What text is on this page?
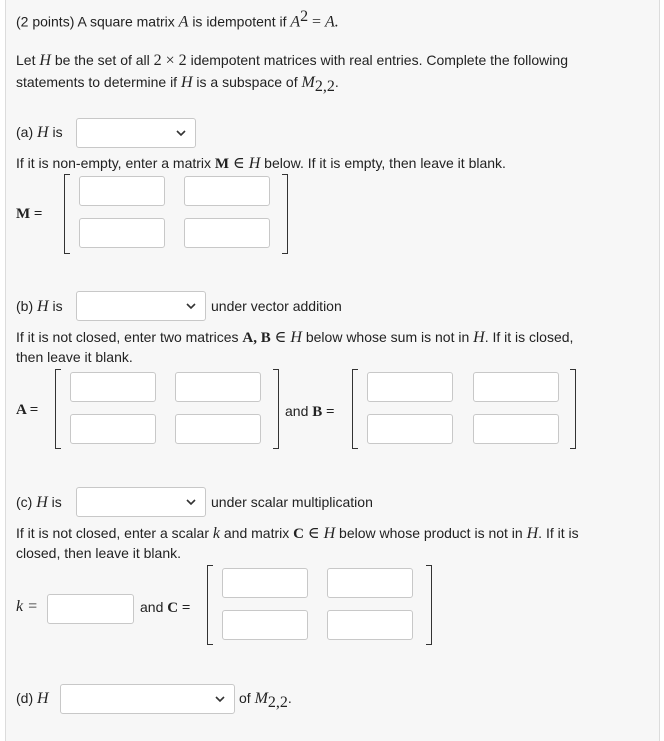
(2 points) A square matrix A is idempotent if $A^2 = A$.
Let H be the set of all 2 × 2 idempotent matrices with real entries. Complete the following
statements to determine if H is a subspace of $M_{2,2}$.
(a) H is
If it is non-empty, enter a matrix M ∈ H below. If it is empty, then leave it blank.
M =
(b) H is	under vector addition
If it is not closed, enter two matrices A, B ∈ H below whose sum is not in H. If it is closed,
then leave it blank.
A =	and B =
(c) H is	under scalar multiplication
If it is not closed, enter a scalar k and matrix C ∈ H below whose product is not in H. If it is
closed, then leave it blank.
k =	and C =
(d) H	of $M_{2,2}$.
